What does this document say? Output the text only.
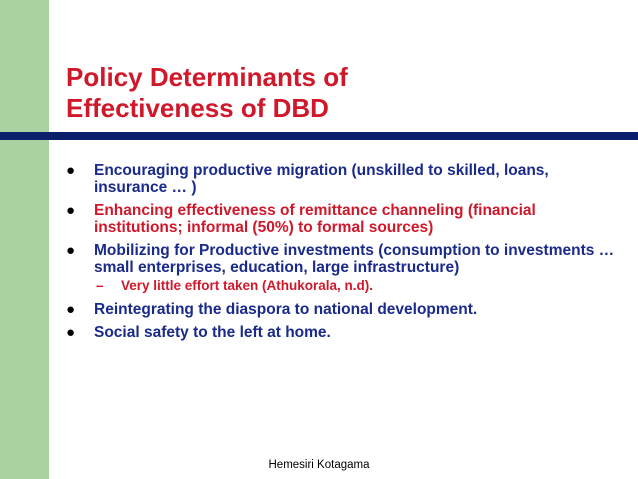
Policy Determinants of
Effectiveness of DBD
● Encouraging productive migration (unskilled to skilled, loans, insurance … )
● Enhancing effectiveness of remittance channeling (financial institutions; informal (50%) to formal sources)
● Mobilizing for Productive investments (consumption to investments … small enterprises, education, large infrastructure)
– Very little effort taken (Athukorala, n.d).
● Reintegrating the diaspora to national development.
● Social safety to the left at home.
Hemesiri Kotagama
